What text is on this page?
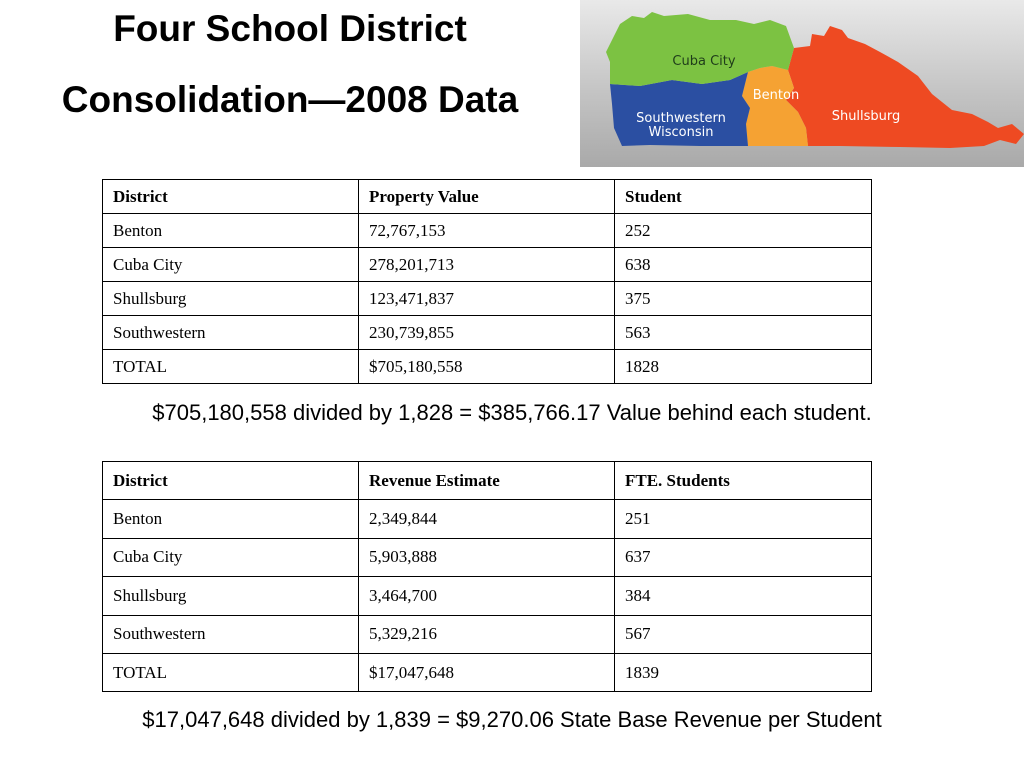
Four School District
Consolidation—2008 Data
Cuba City
Benton
Shullsburg
Southwestern
Wisconsin
District	Property Value	Student
Benton	72,767,153	252
Cuba City	278,201,713	638
Shullsburg	123,471,837	375
Southwestern	230,739,855	563
TOTAL	$705,180,558	1828

$705,180,558 divided by 1,828 = $385,766.17 Value behind each student.

District	Revenue Estimate	FTE. Students
Benton	2,349,844	251
Cuba City	5,903,888	637
Shullsburg	3,464,700	384
Southwestern	5,329,216	567
TOTAL	$17,047,648	1839

$17,047,648 divided by 1,839 = $9,270.06 State Base Revenue per Student
